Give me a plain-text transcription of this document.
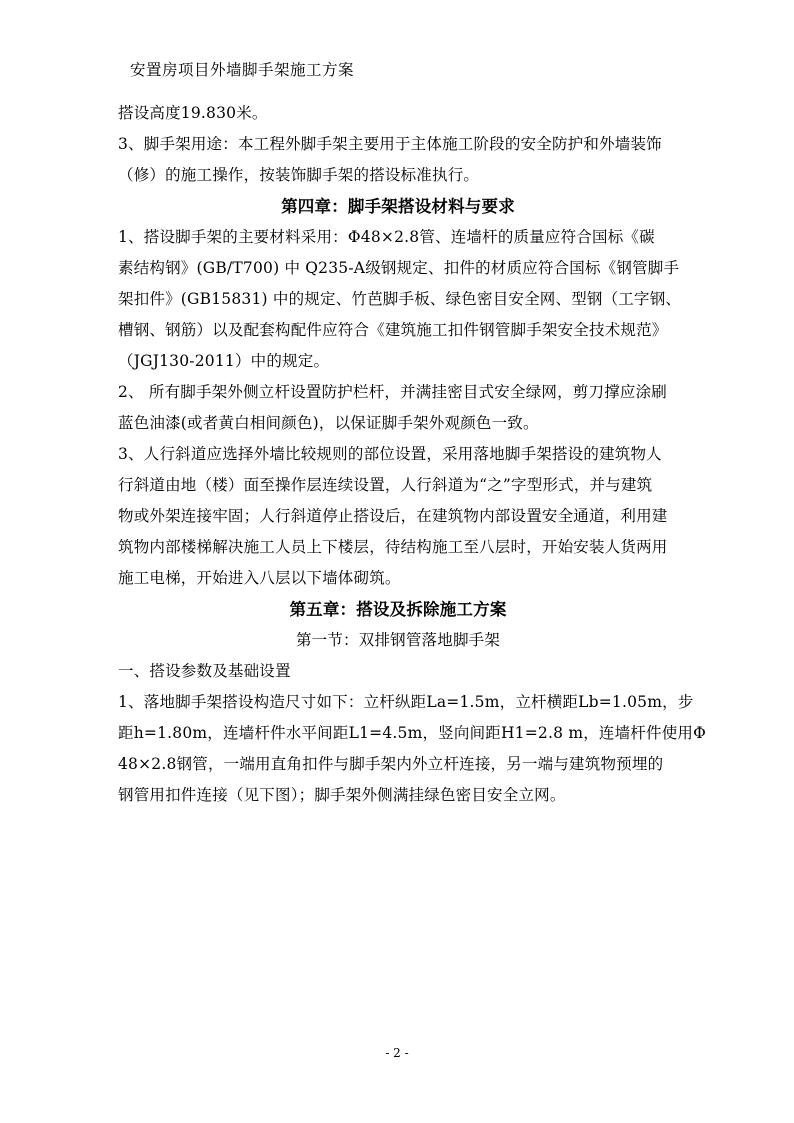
安置房项目外墙脚手架施工方案
搭设高度19.830米。
3、脚手架用途：本工程外脚手架主要用于主体施工阶段的安全防护和外墙装饰
（修）的施工操作，按装饰脚手架的搭设标准执行。
第四章：脚手架搭设材料与要求
1、搭设脚手架的主要材料采用：Φ48×2.8管、连墙杆的质量应符合国标《碳
素结构钢》(GB/T700) 中 Q235-A级钢规定、扣件的材质应符合国标《钢管脚手
架扣件》(GB15831) 中的规定、竹芭脚手板、绿色密目安全网、型钢（工字钢、
槽钢、钢筋）以及配套构配件应符合《建筑施工扣件钢管脚手架安全技术规范》
（JGJ130-2011）中的规定。
2、 所有脚手架外侧立杆设置防护栏杆，并满挂密目式安全绿网，剪刀撑应涂刷
蓝色油漆(或者黄白相间颜色)，以保证脚手架外观颜色一致。
3、人行斜道应选择外墙比较规则的部位设置，采用落地脚手架搭设的建筑物人
行斜道由地（楼）面至操作层连续设置，人行斜道为“之”字型形式，并与建筑
物或外架连接牢固；人行斜道停止搭设后，在建筑物内部设置安全通道，利用建
筑物内部楼梯解决施工人员上下楼层，待结构施工至八层时，开始安装人货两用
施工电梯，开始进入八层以下墙体砌筑。
第五章：搭设及拆除施工方案
第一节：双排钢管落地脚手架
一、搭设参数及基础设置
1、落地脚手架搭设构造尺寸如下：立杆纵距La=1.5m，立杆横距Lb=1.05m，步
距h=1.80m，连墙杆件水平间距L1=4.5m，竖向间距H1=2.8 m，连墙杆件使用Φ
48×2.8钢管，一端用直角扣件与脚手架内外立杆连接，另一端与建筑物预埋的
钢管用扣件连接（见下图）；脚手架外侧满挂绿色密目安全立网。
- 2 -
